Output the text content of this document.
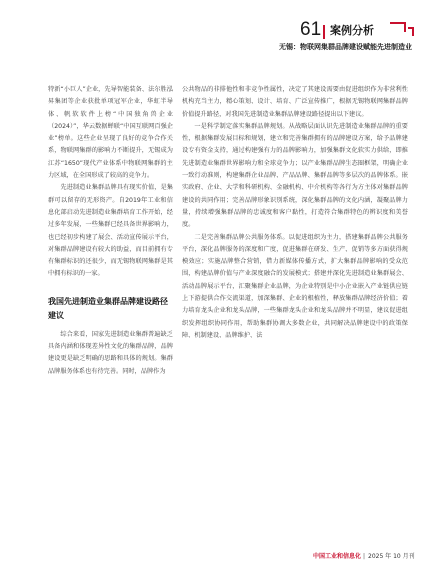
61 案例分析
无锡：物联网集群品牌建设赋能先进制造业

特新“小巨人”企业，先导智能装备、法尔胜泓昇集团等企业获批单项冠军企业，华虹半导体、帆软软件上榜“中国独角兽企业（2024）”，华云数据蝉联“中国互联网百强企业”榜单。这些企业呈现了良好的竞争合作关系，物联网集群的影响力不断提升，无锡成为江苏“1650”现代产业体系中物联网集群的主力区域，在全国形成了较高的竞争力。

先进制造业集群品牌具有现实价值，是集群可以留存的无形资产。自2019年工业和信息化部启动先进制造业集群培育工作开始，经过多年发展，一些集群已经具备世界影响力，也已经初步构建了展会、活动宣传展示平台，对集群品牌建设有较大的助益，而目前拥有专有集群标识的还很少，而无锡物联网集群是其中拥有标识的一家。

我国先进制造业集群品牌建设路径建议

综合来看，国家先进制造业集群普遍缺乏具备内涵和体现差异性文化的集群品牌，品牌建设更是缺乏明确的思路和具体的规划。集群品牌服务体系也有待完善。同时，品牌作为

公共物品的非排他性和非竞争性属性，决定了其建设需要由促进组织作为非营利性机构充当主力，精心策划、设计、培育、广泛宣传推广，根据无锡物联网集群品牌价值提升路径，对我国先进制造业集群品牌建设路径提出以下建议。

一是科学制定落实集群品牌规划。从战略层面认识先进制造业集群品牌的重要性，根据集群发展目标和规划，建立和完善集群拥有的品牌建设方案，给予品牌建设专有资金支持，通过构建强有力的品牌影响力，加强集群文化软实力供给，即推先进制造业集群世界影响力和全球竞争力；以产业集群品牌生态圈框架，明确企业一致行动准则，构建集群企业品牌、产品品牌、集群品牌等多层次的品牌体系。嵌实政府、企业、大学和科研机构、金融机构、中介机构等各行为方主体对集群品牌建设的共同作用；完善品牌形象识别系统，深化集群品牌的文化内涵，凝聚品牌力量，持续增强集群品牌的忠诚度和客户黏性，打造符合集群特色的辨识度和美誉度。

二是完善集群品牌公共服务体系。以促进组织为主力，搭建集群品牌公共服务平台，深化品牌服务的深度和广度，促进集群在研发、生产、促销等多方面获得规模效应；实施品牌整合营销，借力新媒体传播方式，扩大集群品牌影响的受众范围，构建品牌价值与产业深度融合的发展模式；搭建并深化先进制造业集群展会、活动品牌展示平台，汇聚集群企业品牌，为企业特别是中小企业嵌入产业链供应链上下游提供合作交流渠道，加深集群、企业的根植性，释放集群品牌经济价值；着力培育龙头企业和龙头品牌，一些集群龙头企业和龙头品牌并不明显，建议促进组织发挥组织协同作用，帮助集群协调大多数企业，共同解决品牌建设中的政策保障、机制建设、品牌维护、法

中国工业和信息化 | 2025 年 10 月刊
